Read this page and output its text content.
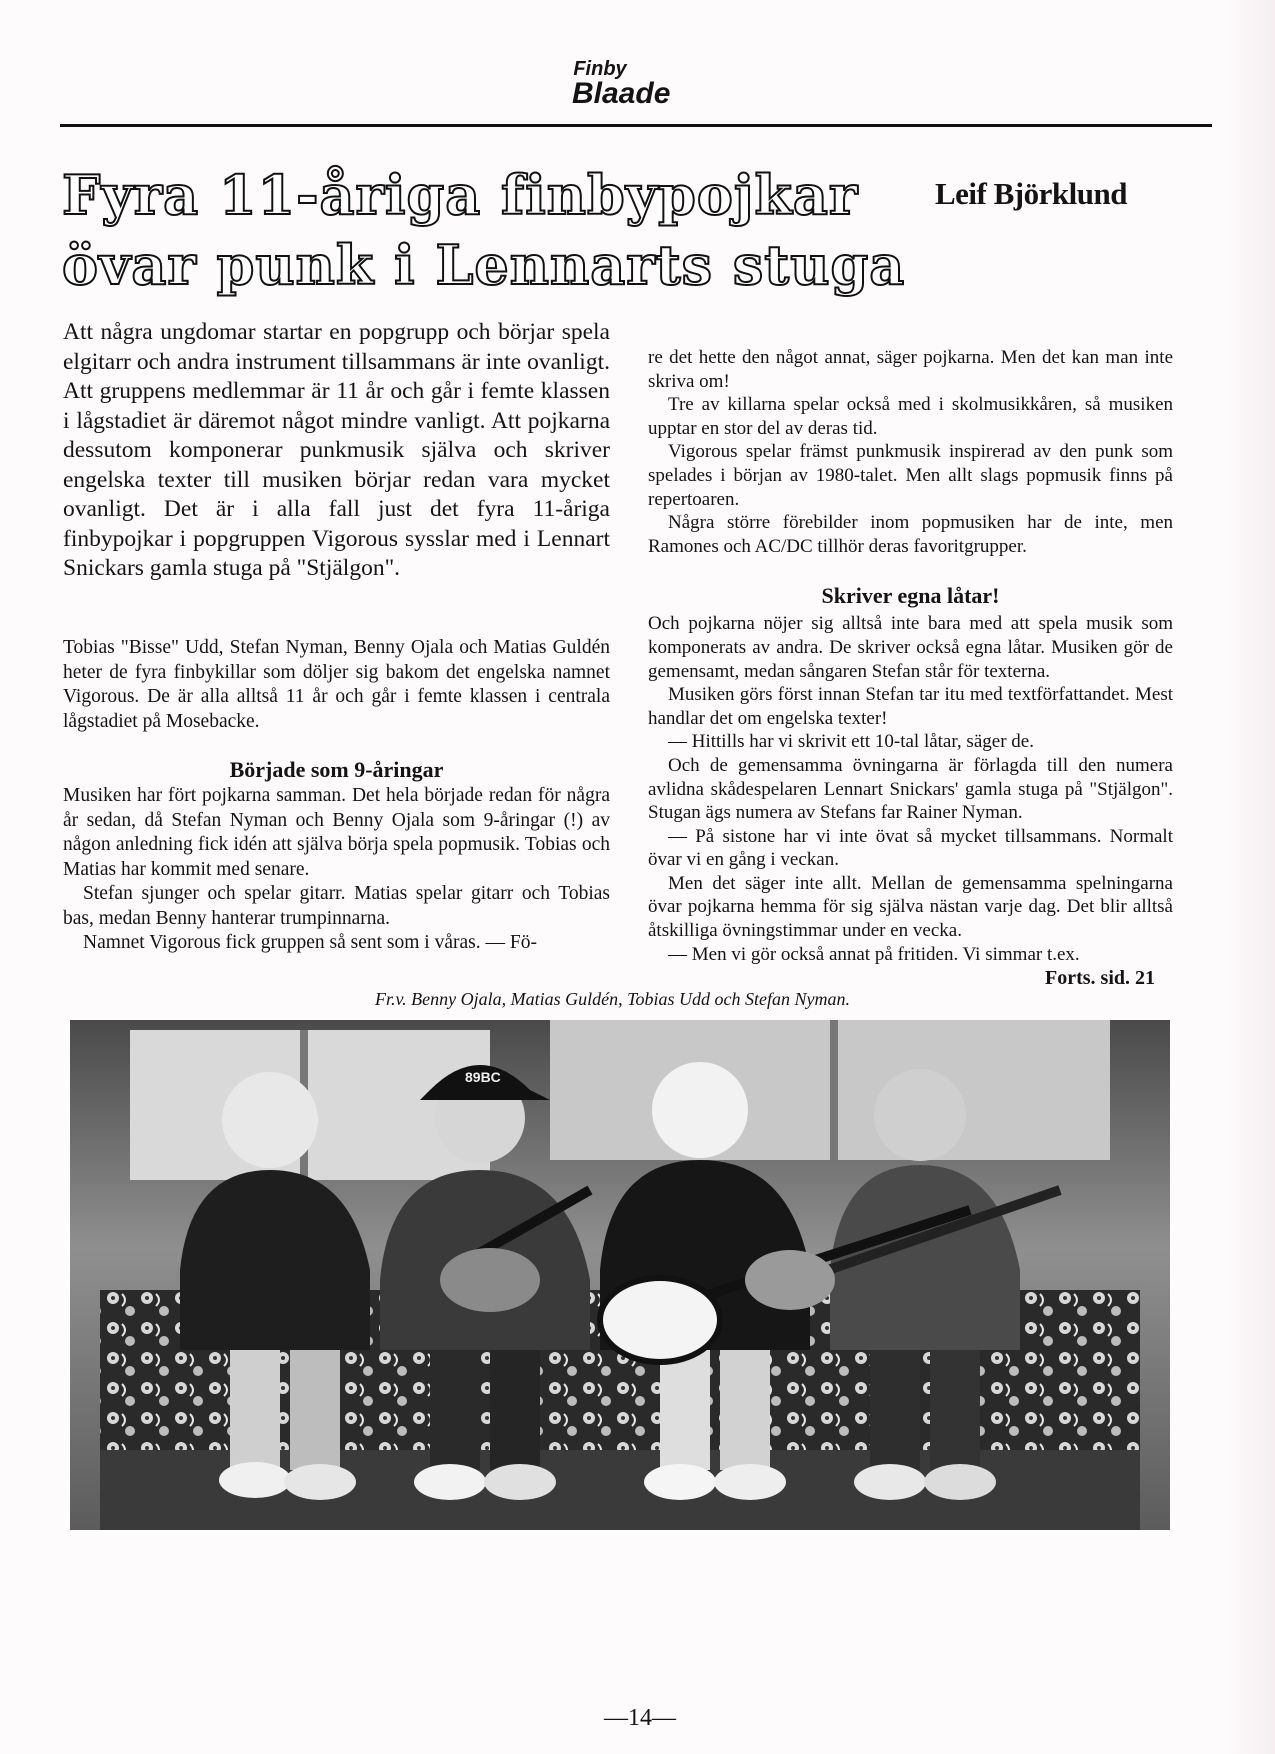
Finby
Blaade
Fyra 11-åriga finbypojkar
övar punk i Lennarts stuga
Leif Björklund

Att några ungdomar startar en popgrupp och börjar spela elgitarr och andra instrument tillsammans är inte ovanligt. Att gruppens medlemmar är 11 år och går i femte klassen i lågstadiet är däremot något mindre vanligt. Att pojkarna dessutom komponerar punkmusik själva och skriver engelska texter till musiken börjar redan vara mycket ovanligt. Det är i alla fall just det fyra 11-åriga finbypojkar i popgruppen Vigorous sysslar med i Lennart Snickars gamla stuga på "Stjälgon".

Tobias "Bisse" Udd, Stefan Nyman, Benny Ojala och Matias Guldén heter de fyra finbykillar som döljer sig bakom det engelska namnet Vigorous. De är alla alltså 11 år och går i femte klassen i centrala lågstadiet på Mosebacke.

Började som 9-åringar

Musiken har fört pojkarna samman. Det hela började redan för några år sedan, då Stefan Nyman och Benny Ojala som 9-åringar (!) av någon anledning fick idén att själva börja spela popmusik. Tobias och Matias har kommit med senare.

Stefan sjunger och spelar gitarr. Matias spelar gitarr och Tobias bas, medan Benny hanterar trumpinnarna.

Namnet Vigorous fick gruppen så sent som i våras. — Fö-

re det hette den något annat, säger pojkarna. Men det kan man inte skriva om!

Tre av killarna spelar också med i skolmusikkåren, så musiken upptar en stor del av deras tid.

Vigorous spelar främst punkmusik inspirerad av den punk som spelades i början av 1980-talet. Men allt slags popmusik finns på repertoaren.

Några större förebilder inom popmusiken har de inte, men Ramones och AC/DC tillhör deras favoritgrupper.

Skriver egna låtar!

Och pojkarna nöjer sig alltså inte bara med att spela musik som komponerats av andra. De skriver också egna låtar. Musiken gör de gemensamt, medan sångaren Stefan står för texterna.

Musiken görs först innan Stefan tar itu med textförfattandet. Mest handlar det om engelska texter!

— Hittills har vi skrivit ett 10-tal låtar, säger de.

Och de gemensamma övningarna är förlagda till den numera avlidna skådespelaren Lennart Snickars' gamla stuga på "Stjälgon". Stugan ägs numera av Stefans far Rainer Nyman.

— På sistone har vi inte övat så mycket tillsammans. Normalt övar vi en gång i veckan.

Men det säger inte allt. Mellan de gemensamma spelningarna övar pojkarna hemma för sig själva nästan varje dag. Det blir alltså åtskilliga övningstimmar under en vecka.

— Men vi gör också annat på fritiden. Vi simmar t.ex.

Forts. sid. 21
Fr.v. Benny Ojala, Matias Guldén, Tobias Udd och Stefan Nyman.
89BC
—14—
